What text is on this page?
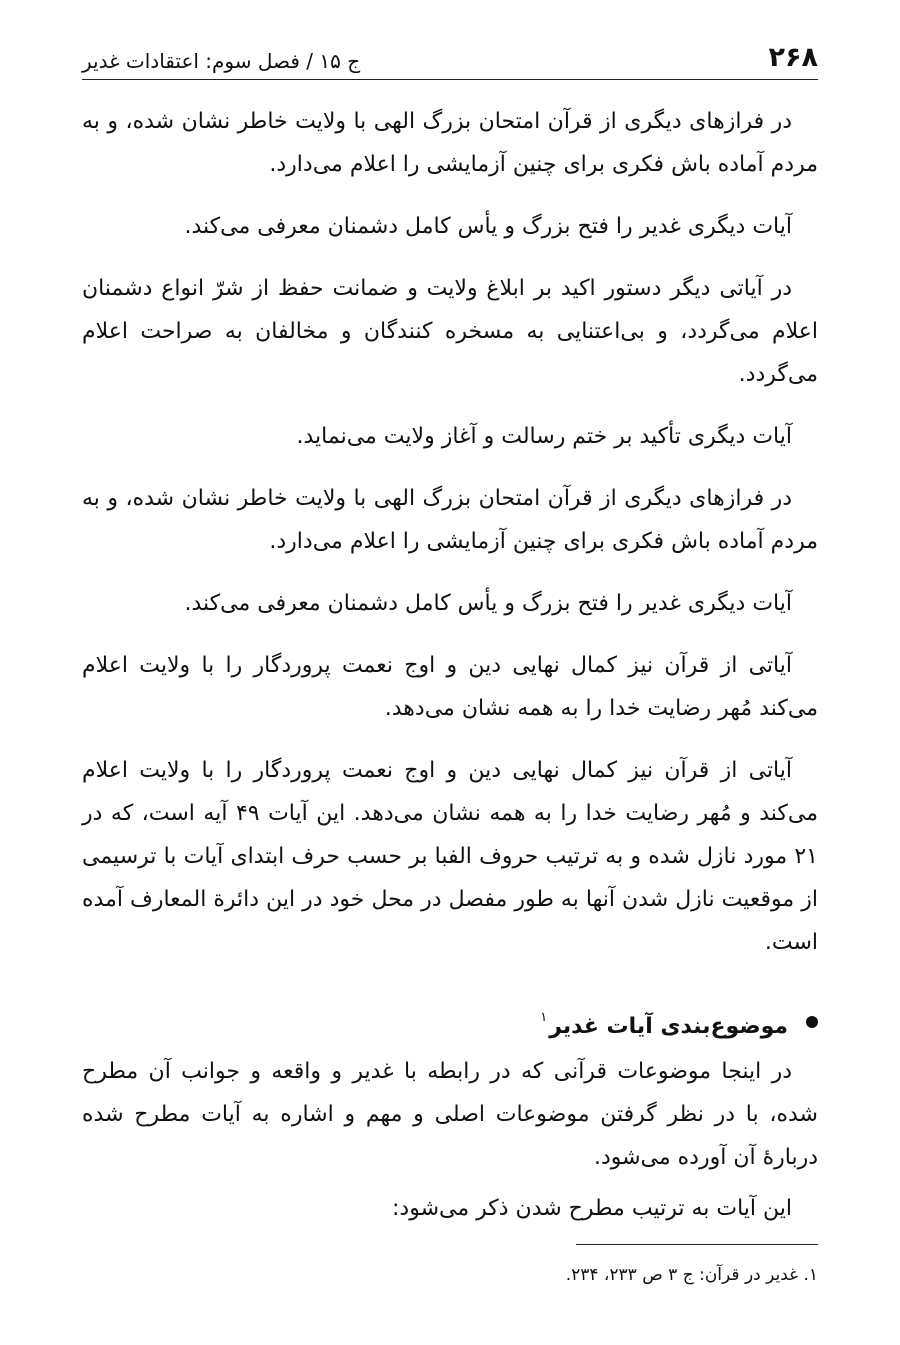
۲۶۸
ج ۱۵ / فصل سوم: اعتقادات غدیر

در فرازهای دیگری از قرآن امتحان بزرگ الهی با ولایت خاطر نشان شده، و به مردم آماده باش فکری برای چنین آزمایشی را اعلام می‌دارد.

آیات دیگری غدیر را فتح بزرگ و یأس کامل دشمنان معرفی می‌کند.

در آیاتی دیگر دستور اکید بر ابلاغ ولایت و ضمانت حفظ از شرّ انواع دشمنان اعلام می‌گردد، و بی‌اعتنایی به مسخره کنندگان و مخالفان به صراحت اعلام می‌گردد.

آیات دیگری تأکید بر ختم رسالت و آغاز ولایت می‌نماید.

در فرازهای دیگری از قرآن امتحان بزرگ الهی با ولایت خاطر نشان شده، و به مردم آماده باش فکری برای چنین آزمایشی را اعلام می‌دارد.

آیات دیگری غدیر را فتح بزرگ و یأس کامل دشمنان معرفی می‌کند.

آیاتی از قرآن نیز کمال نهایی دین و اوج نعمت پروردگار را با ولایت اعلام می‌کند مُهر رضایت خدا را به همه نشان می‌دهد.

آیاتی از قرآن نیز کمال نهایی دین و اوج نعمت پروردگار را با ولایت اعلام می‌کند و مُهر رضایت خدا را به همه نشان می‌دهد. این آیات ۴۹ آیه است، که در ۲۱ مورد نازل شده و به ترتیب حروف الفبا بر حسب حرف ابتدای آیات با ترسیمی از موقعیت نازل شدن آنها به طور مفصل در محل خود در این دائرة المعارف آمده است.

موضوع‌بندی آیات غدیر$^۱$

در اینجا موضوعات قرآنی که در رابطه با غدیر و واقعه و جوانب آن مطرح شده، با در نظر گرفتن موضوعات اصلی و مهم و اشاره به آیات مطرح شده دربارۀ آن آورده می‌شود.

این آیات به ترتیب مطرح شدن ذکر می‌شود:

۱. غدیر در قرآن: ج ۳ ص ۲۳۳، ۲۳۴.
